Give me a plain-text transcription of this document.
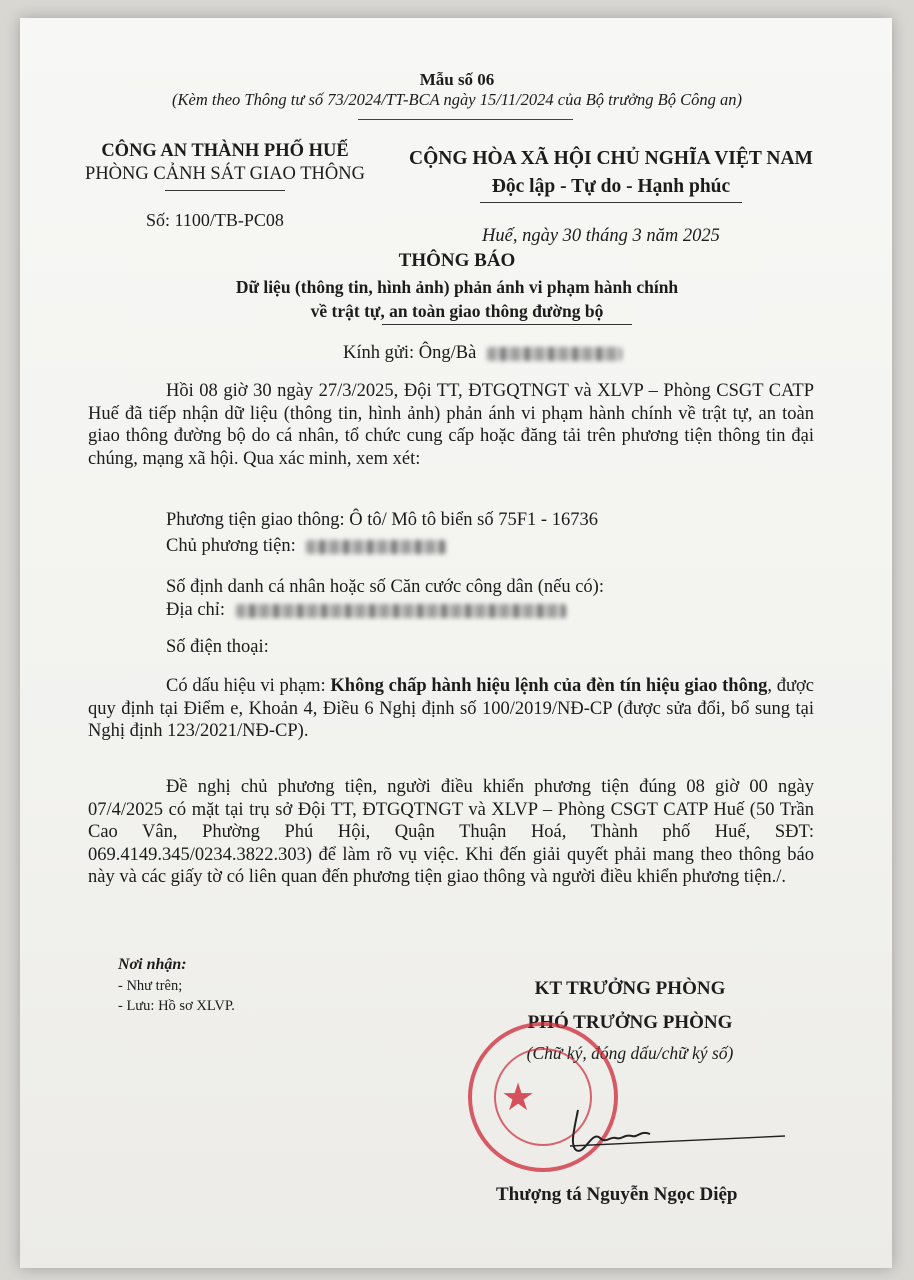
Mẫu số 06
(Kèm theo Thông tư số 73/2024/TT-BCA ngày 15/11/2024 của Bộ trưởng Bộ Công an)
CÔNG AN THÀNH PHỐ HUẾ
PHÒNG CẢNH SÁT GIAO THÔNG
Số: 1100/TB-PC08
CỘNG HÒA XÃ HỘI CHỦ NGHĨA VIỆT NAM
Độc lập - Tự do - Hạnh phúc
Huế, ngày 30 tháng 3 năm 2025
THÔNG BÁO
Dữ liệu (thông tin, hình ảnh) phản ánh vi phạm hành chính
về trật tự, an toàn giao thông đường bộ
Kính gửi: Ông/Bà
Hồi 08 giờ 30 ngày 27/3/2025, Đội TT, ĐTGQTNGT và XLVP – Phòng CSGT CATP Huế đã tiếp nhận dữ liệu (thông tin, hình ảnh) phản ánh vi phạm hành chính về trật tự, an toàn giao thông đường bộ do cá nhân, tổ chức cung cấp hoặc đăng tải trên phương tiện thông tin đại chúng, mạng xã hội. Qua xác minh, xem xét:
Phương tiện giao thông: Ô tô/ Mô tô biển số 75F1 - 16736
Chủ phương tiện:
Số định danh cá nhân hoặc số Căn cước công dân (nếu có):
Địa chỉ:
Số điện thoại:
Có dấu hiệu vi phạm: Không chấp hành hiệu lệnh của đèn tín hiệu giao thông, được quy định tại Điểm e, Khoản 4, Điều 6 Nghị định số 100/2019/NĐ-CP (được sửa đổi, bổ sung tại Nghị định 123/2021/NĐ-CP).
Đề nghị chủ phương tiện, người điều khiển phương tiện đúng 08 giờ 00 ngày 07/4/2025 có mặt tại trụ sở Đội TT, ĐTGQTNGT và XLVP – Phòng CSGT CATP Huế (50 Trần Cao Vân, Phường Phú Hội, Quận Thuận Hoá, Thành phố Huế, SĐT: 069.4149.345/0234.3822.303) để làm rõ vụ việc. Khi đến giải quyết phải mang theo thông báo này và các giấy tờ có liên quan đến phương tiện giao thông và người điều khiển phương tiện./.
Nơi nhận:
- Như trên;
- Lưu: Hồ sơ XLVP.
KT TRƯỞNG PHÒNG
PHÓ TRƯỞNG PHÒNG
(Chữ ký, đóng dấu/chữ ký số)
★
Thượng tá Nguyễn Ngọc Diệp
